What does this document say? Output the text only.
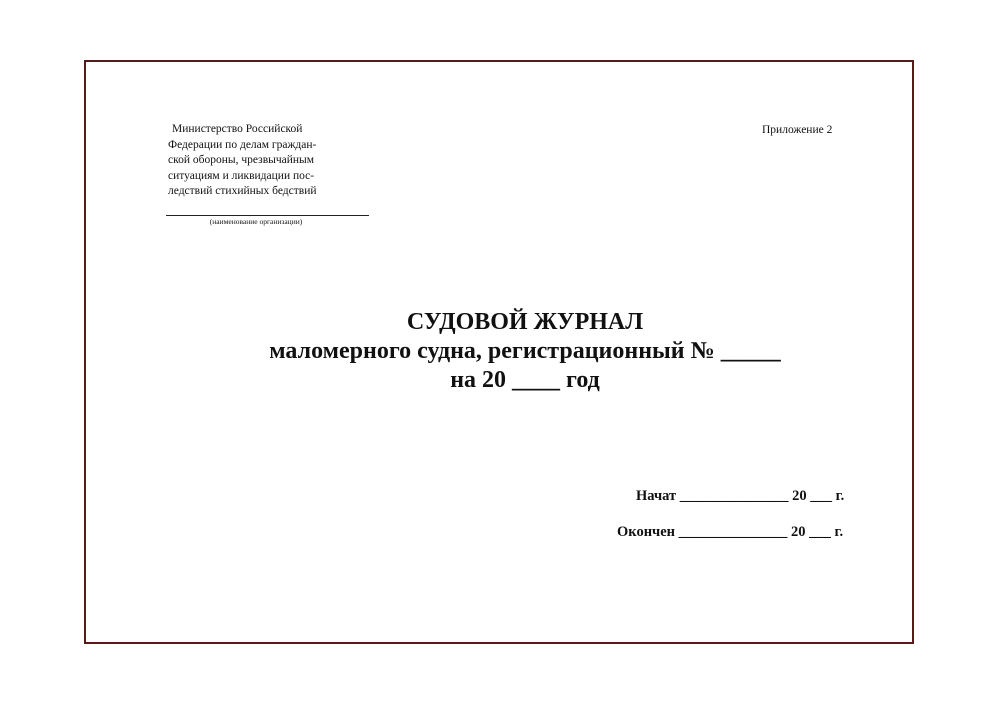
Министерство Российской
Федерации по делам граждан-
ской обороны, чрезвычайным
ситуациям и ликвидации пос-
ледствий стихийных бедствий
(наименование организации)
Приложение 2
СУДОВОЙ ЖУРНАЛ
маломерного судна, регистрационный № _____
на 20 ____ год
Начат _______________ 20 ___ г.
Окончен _______________ 20 ___ г.
